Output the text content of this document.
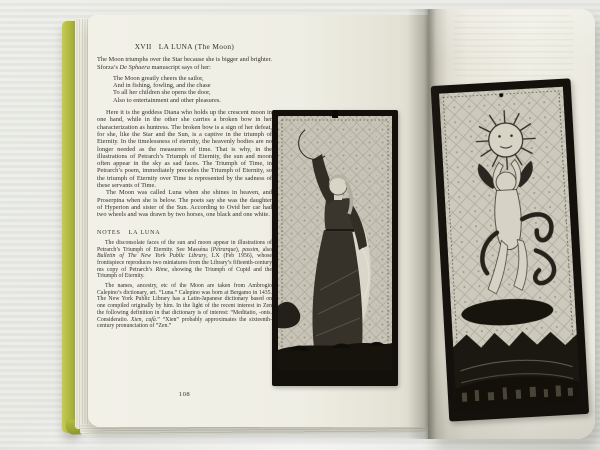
XVII LA LUNA (The Moon)

The Moon triumphs over the Star because she is bigger and brighter. Sforza’s De Sphaera manuscript says of her:

The Moon greatly cheers the sailor,
And in fishing, fowling, and the chase
To all her children she opens the door,
Also to entertainment and other pleasures.

Here it is the goddess Diana who holds up the crescent moon in one hand, while in the other she carries a broken bow in her characterization as huntress. The broken bow is a sign of her defeat, for she, like the Star and the Sun, is a captive in the triumph of Eternity. In the timelessness of eternity, the heavenly bodies are no longer needed as the measurers of time. That is why, in the illustrations of Petrarch’s Triumph of Eternity, the sun and moon often appear in the sky as sad faces. The Triumph of Time, in Petrarch’s poem, immediately precedes the Triumph of Eternity, so the triumph of Eternity over Time is represented by the sadness of these servants of Time.

The Moon was called Luna when she shines in heaven, and Proserpina when she is below. The poets say she was the daughter of Hyperion and sister of the Sun. According to Ovid her car had two wheels and was drawn by two horses, one black and one white.

NOTES LA LUNA

The disconsolate faces of the sun and moon appear in illustrations of Petrarch’s Triumph of Eternity. See Masséna (Pétrarque), passim, also Bulletin of The New York Public Library, LX (Feb 1956), whose frontispiece reproduces two miniatures from the Library’s fifteenth-century ms copy of Petrarch’s Rime, showing the Triumph of Cupid and the Triumph of Eternity.

The names, ancestry, etc of the Moon are taken from Ambrogio Calepino’s dictionary, art. “Luna.” Calepino was born at Bergamo in 1435. The New York Public Library has a Latin-Japanese dictionary based on one compiled originally by him. In the light of the recent interest in Zen the following definition in that dictionary is of interest: “Meditatio, -onis. Consideratio. Xien, cufà.” “Xien” probably approximates the sixteenth-century pronunciation of “Zen.”

108
